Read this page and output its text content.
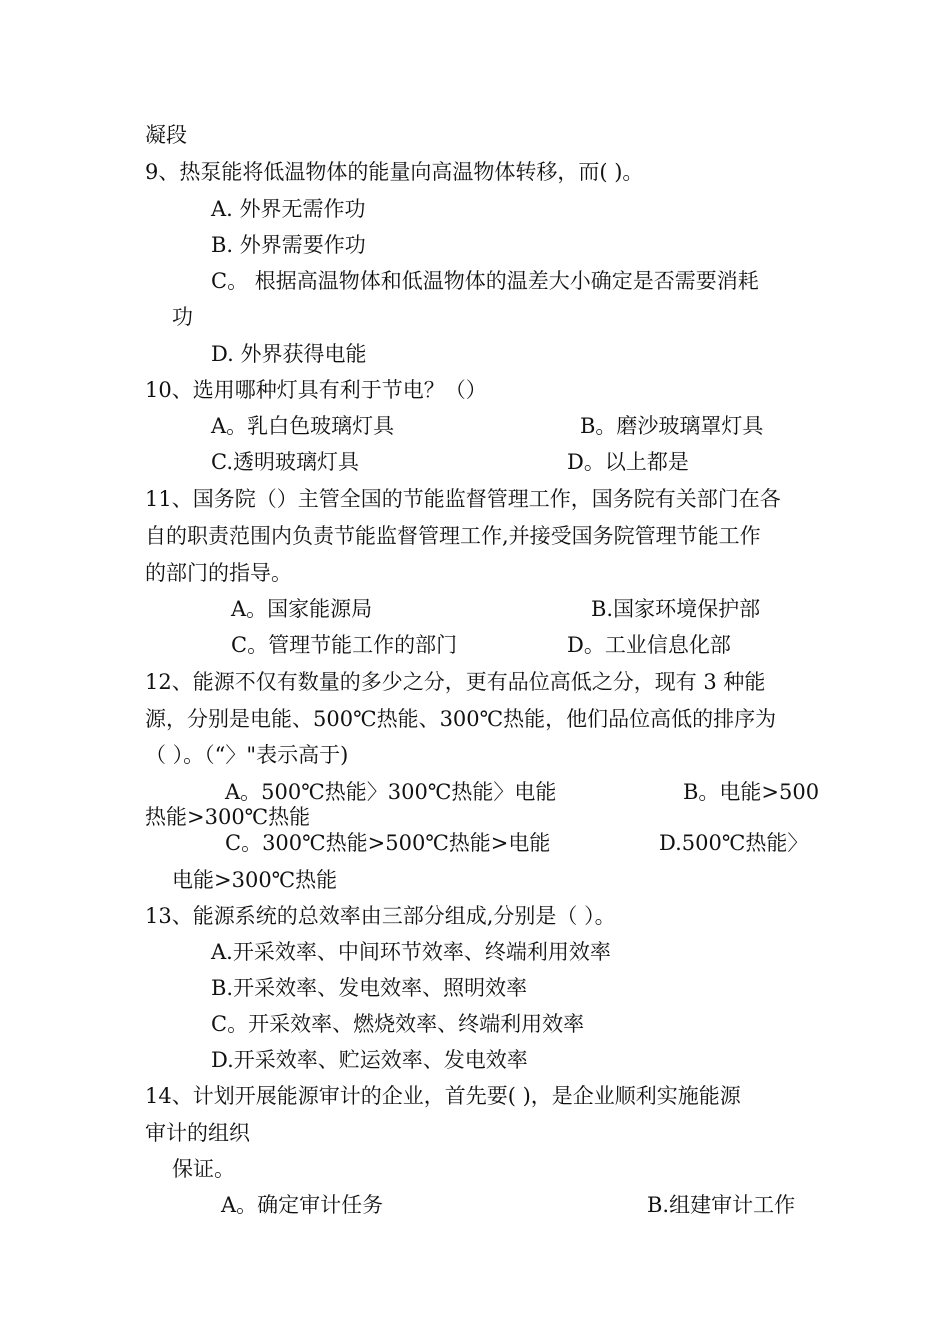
凝段
9、热泵能将低温物体的能量向高温物体转移，而( )。
A. 外界无需作功
B. 外界需要作功
C。 根据高温物体和低温物体的温差大小确定是否需要消耗
功
D. 外界获得电能
10、选用哪种灯具有利于节电？（）
A。乳白色玻璃灯具	B。磨沙玻璃罩灯具
C.透明玻璃灯具	D。以上都是
11、国务院（）主管全国的节能监督管理工作，国务院有关部门在各
自的职责范围内负责节能监督管理工作,并接受国务院管理节能工作
的部门的指导。
A。国家能源局	B.国家环境保护部
C。管理节能工作的部门	D。工业信息化部
12、能源不仅有数量的多少之分，更有品位高低之分，现有 3 种能
源，分别是电能、500℃热能、300℃热能，他们品位高低的排序为
（ ）。（“〉"表示高于)
A。500℃热能〉300℃热能〉电能	B。电能>500
热能>300℃热能
C。300℃热能>500℃热能>电能	D.500℃热能〉
电能>300℃热能
13、能源系统的总效率由三部分组成,分别是（ ）。
A.开采效率、中间环节效率、终端利用效率
B.开采效率、发电效率、照明效率
C。开采效率、燃烧效率、终端利用效率
D.开采效率、贮运效率、发电效率
14、计划开展能源审计的企业，首先要( )，是企业顺利实施能源
审计的组织
保证。
A。确定审计任务	B.组建审计工作
